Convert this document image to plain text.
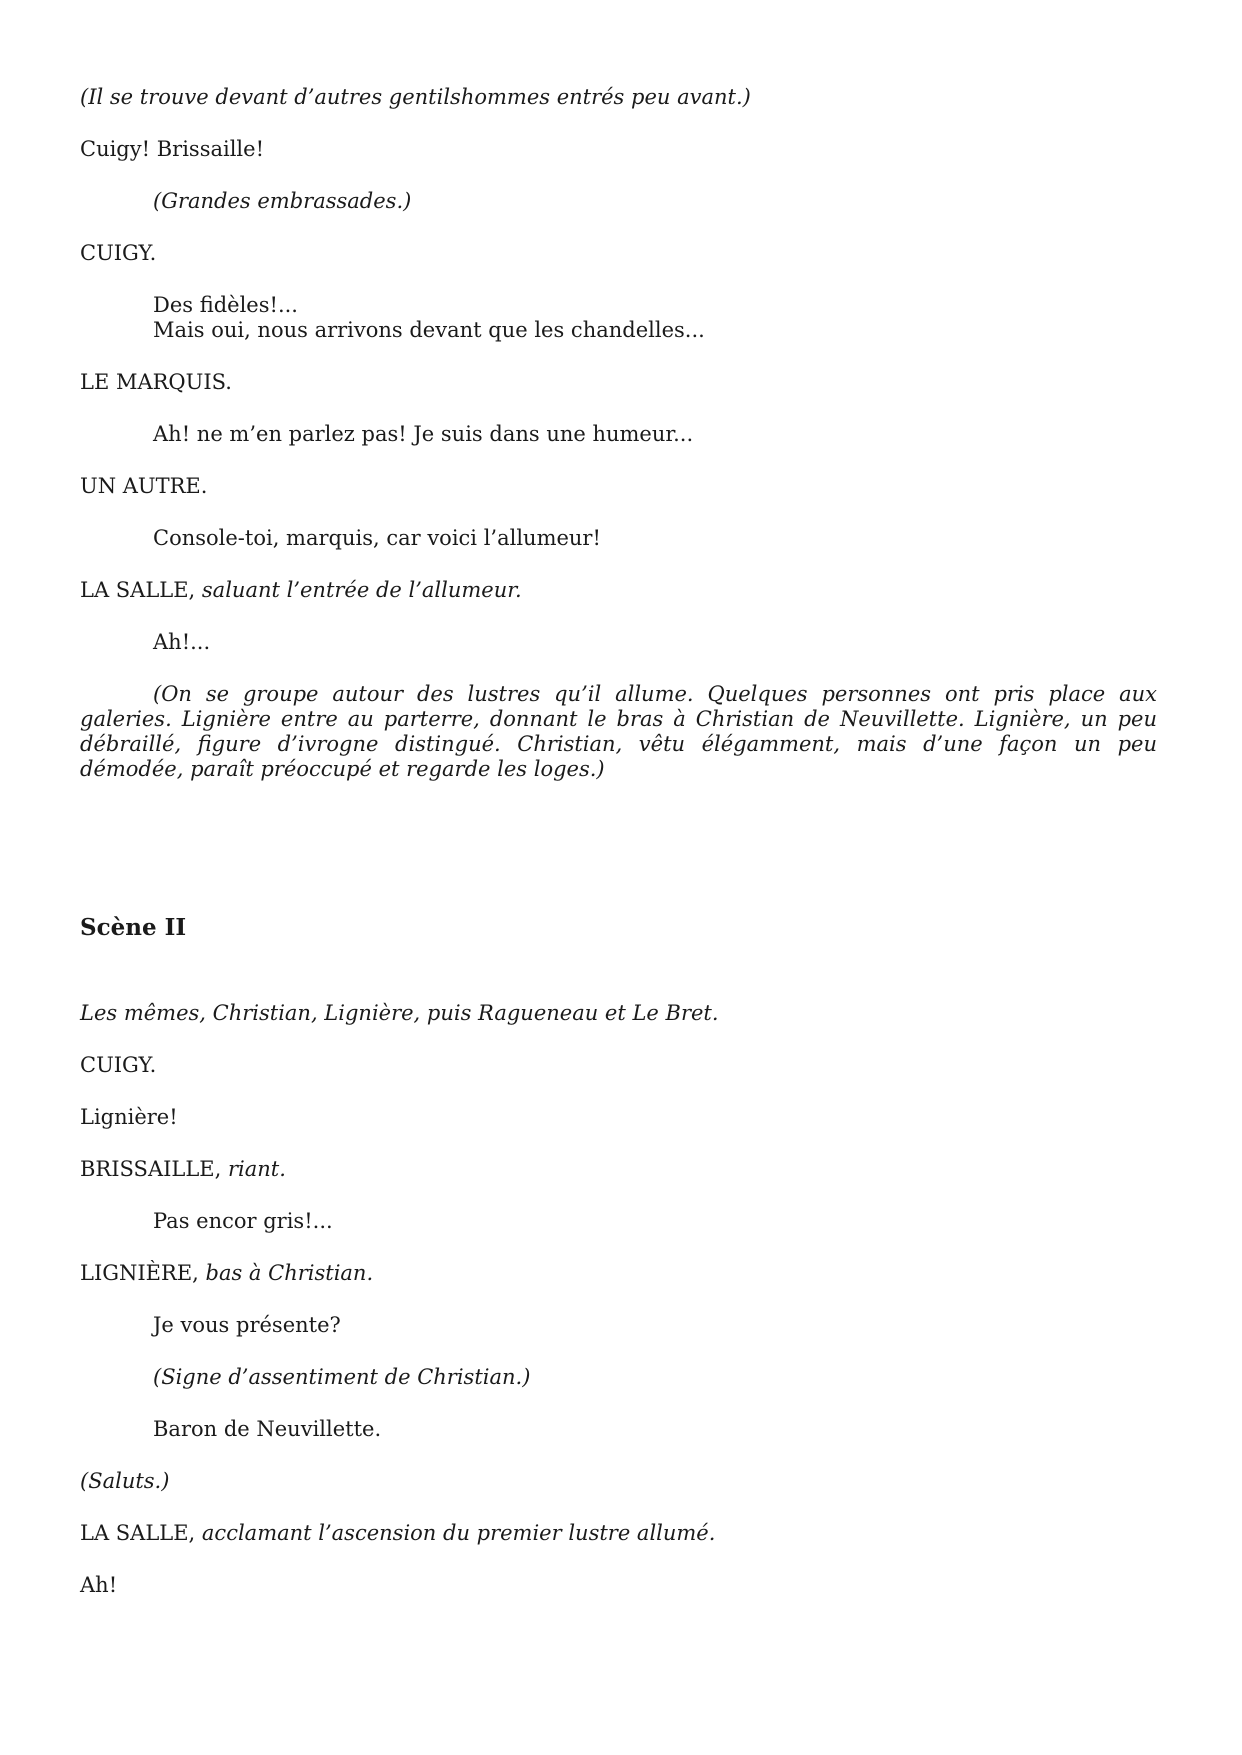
(Il se trouve devant d’autres gentilshommes entrés peu avant.)

Cuigy! Brissaille!

(Grandes embrassades.)

CUIGY.

Des fidèles!...
Mais oui, nous arrivons devant que les chandelles...

LE MARQUIS.

Ah! ne m’en parlez pas! Je suis dans une humeur...

UN AUTRE.

Console-toi, marquis, car voici l’allumeur!

LA SALLE, saluant l’entrée de l’allumeur.

Ah!...

(On se groupe autour des lustres qu’il allume. Quelques personnes ont pris place aux galeries. Lignière entre au parterre, donnant le bras à Christian de Neuvillette. Lignière, un peu débraillé, figure d’ivrogne distingué. Christian, vêtu élégamment, mais d’une façon un peu démodée, paraît préoccupé et regarde les loges.)

Scène II

Les mêmes, Christian, Lignière, puis Ragueneau et Le Bret.

CUIGY.

Lignière!

BRISSAILLE, riant.

Pas encor gris!...

LIGNIÈRE, bas à Christian.

Je vous présente?

(Signe d’assentiment de Christian.)

Baron de Neuvillette.

(Saluts.)

LA SALLE, acclamant l’ascension du premier lustre allumé.

Ah!
